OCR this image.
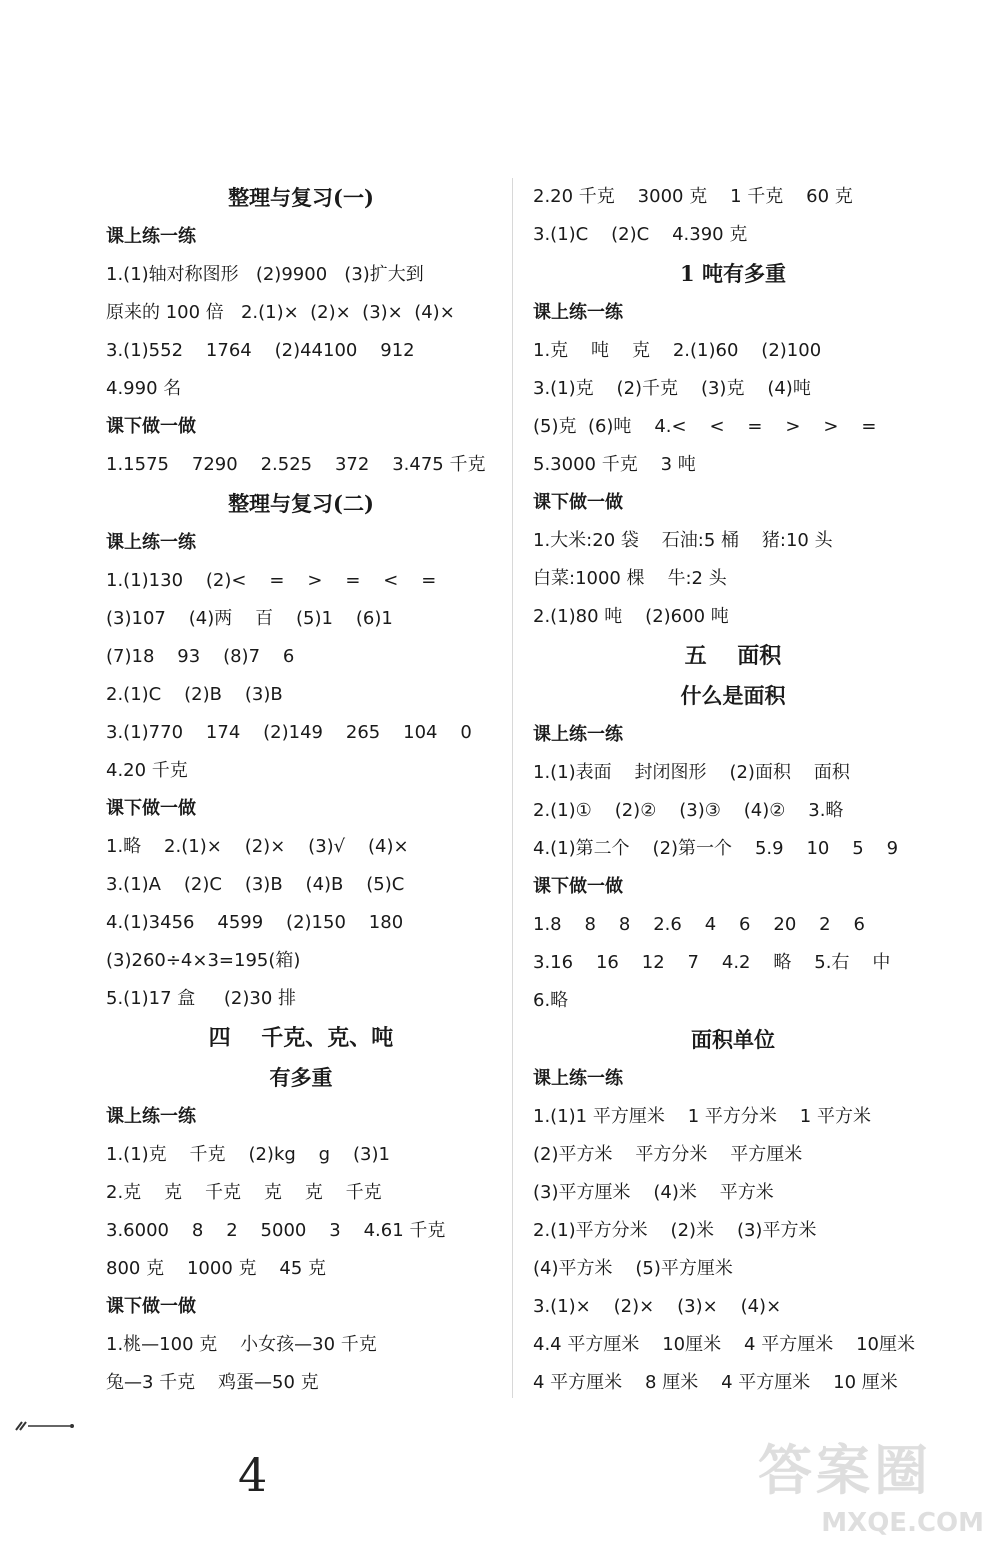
整理与复习(一)
课上练一练
1.(1)轴对称图形   (2)9900   (3)扩大到
原来的 100 倍   2.(1)×  (2)×  (3)×  (4)×
3.(1)552    1764    (2)44100    912
4.990 名
课下做一做
1.1575    7290    2.525    372    3.475 千克
整理与复习(二)
课上练一练
1.(1)130    (2)<    =    >    =    <    =
(3)107    (4)两    百    (5)1    (6)1
(7)18    93    (8)7    6
2.(1)C    (2)B    (3)B
3.(1)770    174    (2)149    265    104    0
4.20 千克
课下做一做
1.略    2.(1)×    (2)×    (3)√    (4)×
3.(1)A    (2)C    (3)B    (4)B    (5)C
4.(1)3456    4599    (2)150    180
(3)260÷4×3=195(箱)
5.(1)17 盒     (2)30 排
四    千克、克、吨
有多重
课上练一练
1.(1)克    千克    (2)kg    g    (3)1
2.克    克    千克    克    克    千克
3.6000    8    2    5000    3    4.61 千克
800 克    1000 克    45 克
课下做一做
1.桃—100 克    小女孩—30 千克
兔—3 千克    鸡蛋—50 克
2.20 千克    3000 克    1 千克    60 克
3.(1)C    (2)C    4.390 克
1 吨有多重
课上练一练
1.克    吨    克    2.(1)60    (2)100
3.(1)克    (2)千克    (3)克    (4)吨
(5)克  (6)吨    4.<    <    =    >    >    =
5.3000 千克    3 吨
课下做一做
1.大米:20 袋    石油:5 桶    猪:10 头
白菜:1000 棵    牛:2 头
2.(1)80 吨    (2)600 吨
五    面积
什么是面积
课上练一练
1.(1)表面    封闭图形    (2)面积    面积
2.(1)①    (2)②    (3)③    (4)②    3.略
4.(1)第二个    (2)第一个    5.9    10    5    9
课下做一做
1.8    8    8    2.6    4    6    20    2    6
3.16    16    12    7    4.2    略    5.右    中
6.略
面积单位
课上练一练
1.(1)1 平方厘米    1 平方分米    1 平方米
(2)平方米    平方分米    平方厘米
(3)平方厘米    (4)米    平方米
2.(1)平方分米    (2)米    (3)平方米
(4)平方米    (5)平方厘米
3.(1)×    (2)×    (3)×    (4)×
4.4 平方厘米    10厘米    4 平方厘米    10厘米
4 平方厘米    8 厘米    4 平方厘米    10 厘米
4	答案圈
MXQE.COM
